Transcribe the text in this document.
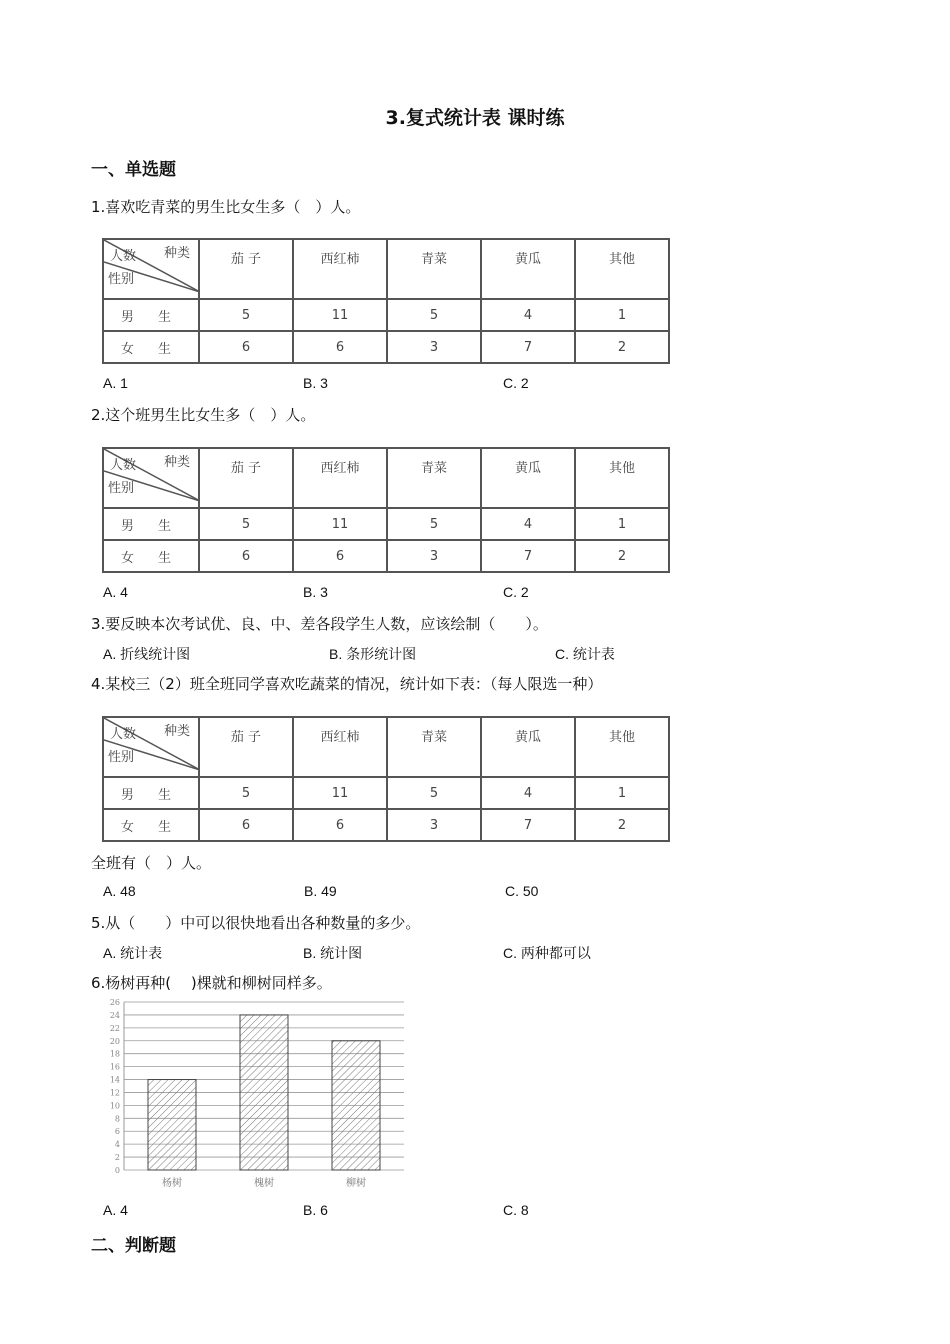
3.复式统计表 课时练
一、单选题
1.喜欢吃青菜的男生比女生多（　）人。
人数 种类
性别	茄 子	西红柿	青菜	黄瓜	其他
男 生	5	11	5	4	1
女 生	6	6	3	7	2
A. 1	B. 3	C. 2
2.这个班男生比女生多（　）人。
人数 种类
性别	茄 子	西红柿	青菜	黄瓜	其他
男 生	5	11	5	4	1
女 生	6	6	3	7	2
A. 4	B. 3	C. 2
3.要反映本次考试优、良、中、差各段学生人数，应该绘制（　　）。
A. 折线统计图	B. 条形统计图	C. 统计表
4.某校三（2）班全班同学喜欢吃蔬菜的情况，统计如下表：（每人限选一种）
人数 种类
性别	茄 子	西红柿	青菜	黄瓜	其他
男 生	5	11	5	4	1
女 生	6	6	3	7	2
全班有（　）人。
A. 48	B. 49	C. 50
5.从（　　）中可以很快地看出各种数量的多少。
A. 统计表	B. 统计图	C. 两种都可以
6.杨树再种(　 )棵就和柳树同样多。
0
2
4
6
8
10
12
14
16
18
20
22
24
26
杨树	槐树	柳树
A. 4	B. 6	C. 8
二、判断题
